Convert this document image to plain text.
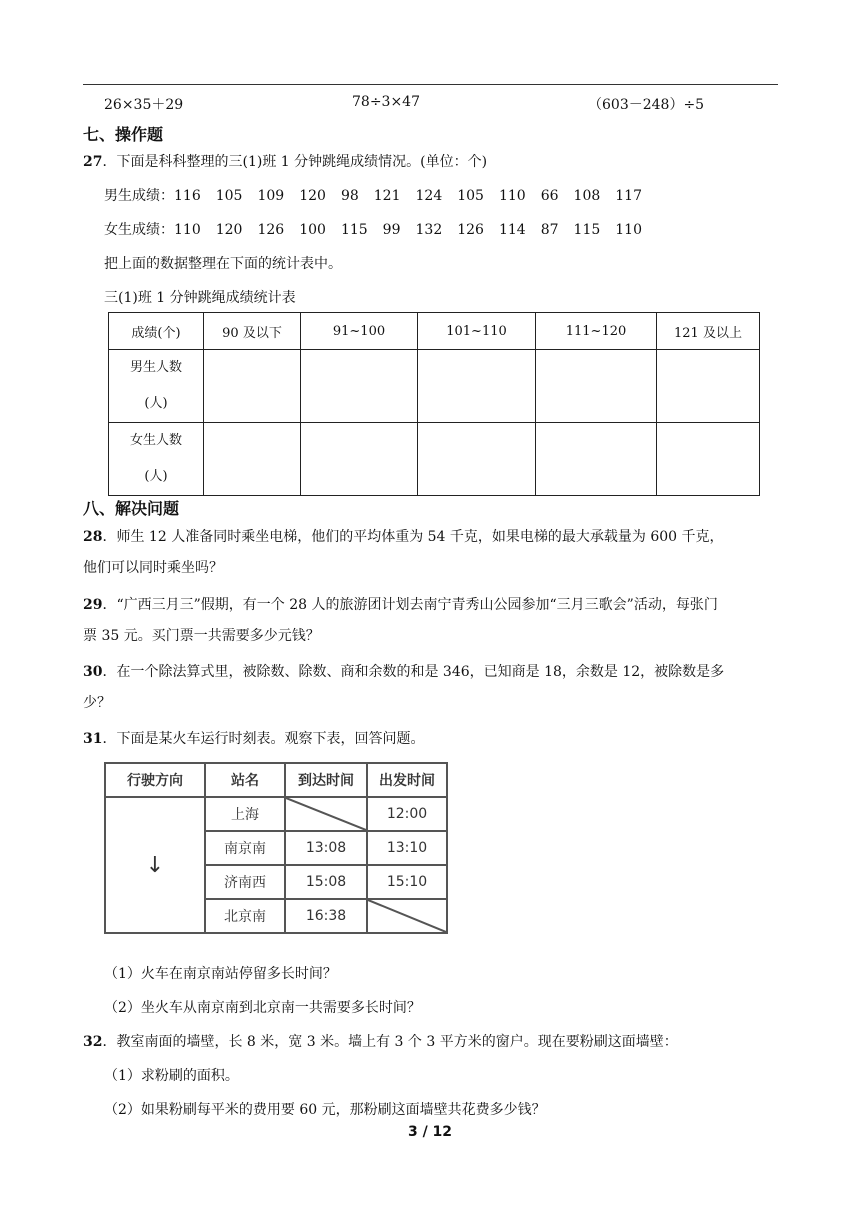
26×35＋29	78÷3×47	（603－248）÷5
七、操作题
27．下面是科科整理的三(1)班 1 分钟跳绳成绩情况。(单位：个)
男生成绩：116 105 109 120 98 121 124 105 110 66 108 117
女生成绩：110 120 126 100 115 99 132 126 114 87 115 110
把上面的数据整理在下面的统计表中。
三(1)班 1 分钟跳绳成绩统计表
成绩(个)	90 及以下	91~100	101~110	111~120	121 及以上
男生人数
(人)					
女生人数
(人)					
八、解决问题
28．师生 12 人准备同时乘坐电梯，他们的平均体重为 54 千克，如果电梯的最大承载量为 600 千克，
他们可以同时乘坐吗？
29．“广西三月三”假期，有一个 28 人的旅游团计划去南宁青秀山公园参加“三月三歌会”活动，每张门
票 35 元。买门票一共需要多少元钱？
30．在一个除法算式里，被除数、除数、商和余数的和是 346，已知商是 18，余数是 12，被除数是多
少？
31．下面是某火车运行时刻表。观察下表，回答问题。
行驶方向	站名	到达时间	出发时间
↓	上海		12:00
	南京南	13:08	13:10
	济南西	15:08	15:10
	北京南	16:38	
（1）火车在南京南站停留多长时间？
（2）坐火车从南京南到北京南一共需要多长时间？
32．教室南面的墙壁，长 8 米，宽 3 米。墙上有 3 个 3 平方米的窗户。现在要粉刷这面墙壁：
（1）求粉刷的面积。
（2）如果粉刷每平米的费用要 60 元，那粉刷这面墙壁共花费多少钱？
3 / 12
